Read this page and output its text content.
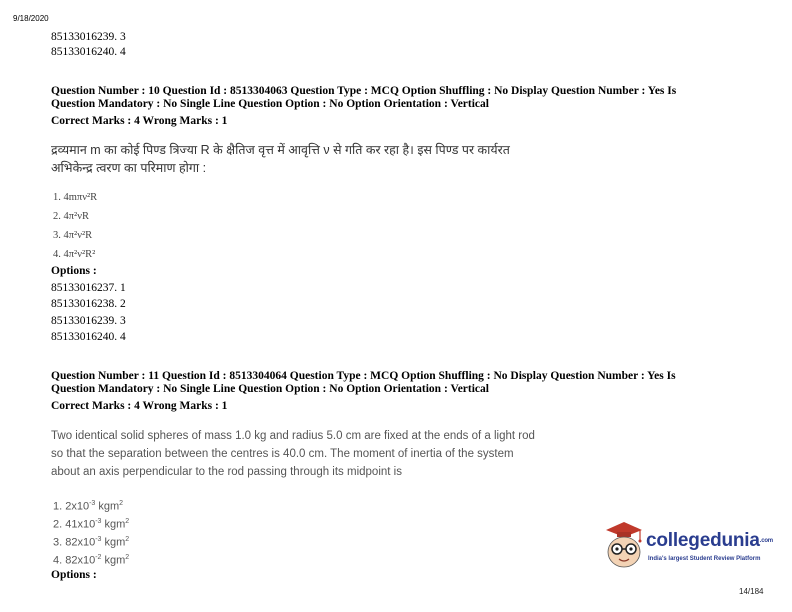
9/18/2020
85133016239. 3
85133016240. 4
Question Number : 10 Question Id : 8513304063 Question Type : MCQ Option Shuffling : No Display Question Number : Yes Is
Question Mandatory : No Single Line Question Option : No Option Orientation : Vertical
Correct Marks : 4 Wrong Marks : 1
द्रव्यमान m का कोई पिण्ड त्रिज्या R के क्षैतिज वृत्त में आवृत्ति ν से गति कर रहा है। इस पिण्ड पर कार्यरत
अभिकेन्द्र त्वरण का परिमाण होगा :
1. 4mπν²R
2. 4π²νR
3. 4π²ν²R
4. 4π²ν²R²
Options :
85133016237. 1
85133016238. 2
85133016239. 3
85133016240. 4
Question Number : 11 Question Id : 8513304064 Question Type : MCQ Option Shuffling : No Display Question Number : Yes Is
Question Mandatory : No Single Line Question Option : No Option Orientation : Vertical
Correct Marks : 4 Wrong Marks : 1
Two identical solid spheres of mass 1.0 kg and radius 5.0 cm are fixed at the ends of a light rod
so that the separation between the centres is 40.0 cm. The moment of inertia of the system
about an axis perpendicular to the rod passing through its midpoint is
1. $2x10^{-3}$ kgm$^2$
2. $41x10^{-3}$ kgm$^2$
3. $82x10^{-3}$ kgm$^2$
4. $82x10^{-2}$ kgm$^2$
Options :
collegedunia.com
India's largest Student Review Platform
14/184
